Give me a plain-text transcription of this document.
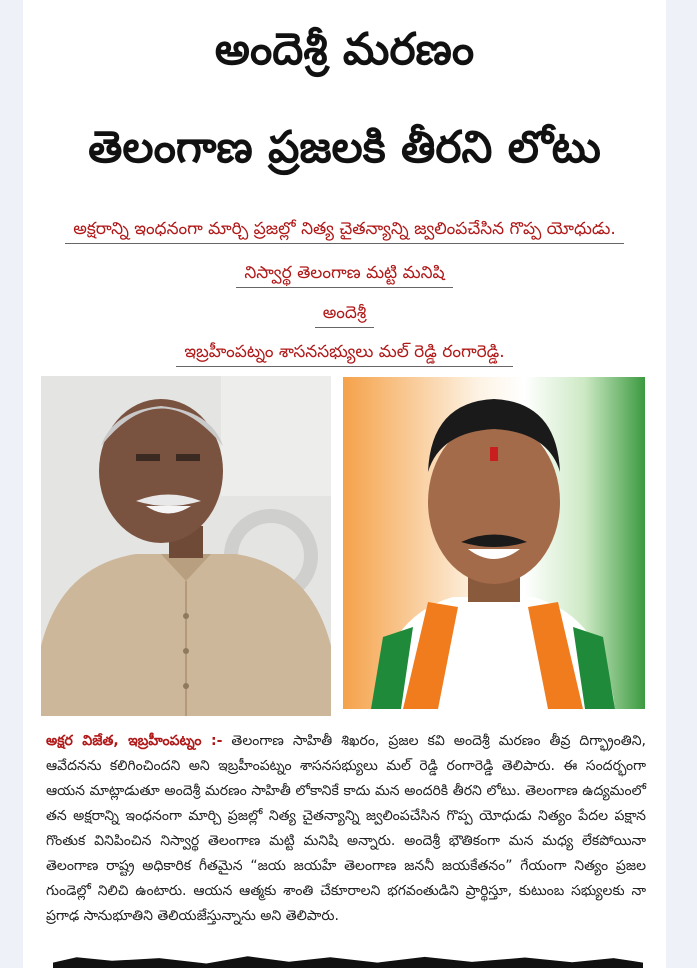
అందెశ్రీ మరణం
తెలంగాణ ప్రజలకి తీరని లోటు
అక్షరాన్ని ఇంధనంగా మార్చి ప్రజల్లో నిత్య చైతన్యాన్ని జ్వలింపచేసిన గొప్ప యోధుడు.
నిస్వార్థ తెలంగాణ మట్టి మనిషి
అందెశ్రీ
ఇబ్రహీంపట్నం శాసనసభ్యులు మల్ రెడ్డి రంగారెడ్డి.
అక్షర విజేత, ఇబ్రహీంపట్నం :- తెలంగాణ సాహితీ శిఖరం, ప్రజల కవి అందెశ్రీ మరణం తీవ్ర దిగ్భ్రాంతిని, ఆవేదనను కలిగించిందని అని ఇబ్రహీంపట్నం శాసనసభ్యులు మల్ రెడ్డి రంగారెడ్డి తెలిపారు. ఈ సందర్భంగా ఆయన మాట్లాడుతూ అందెశ్రీ మరణం సాహితీ లోకానికే కాదు మన అందరికి తీరని లోటు. తెలంగాణ ఉద్యమంలో తన అక్షరాన్ని ఇంధనంగా మార్చి ప్రజల్లో నిత్య చైతన్యాన్ని జ్వలింపచేసిన గొప్ప యోధుడు నిత్యం పేదల పక్షాన గొంతుక వినిపించిన నిస్వార్థ తెలంగాణ మట్టి మనిషి అన్నారు. అందెశ్రీ భౌతికంగా మన మధ్య లేకపోయినా తెలంగాణ రాష్ట్ర అధికారిక గీతమైన “జయ జయహే తెలంగాణ జననీ జయకేతనం” గేయంగా నిత్యం ప్రజల గుండెల్లో నిలిచి ఉంటారు. ఆయన ఆత్మకు శాంతి చేకూరాలని భగవంతుడిని ప్రార్థిస్తూ, కుటుంబ సభ్యులకు నా ప్రగాఢ సానుభూతిని తెలియజేస్తున్నాను అని తెలిపారు.
